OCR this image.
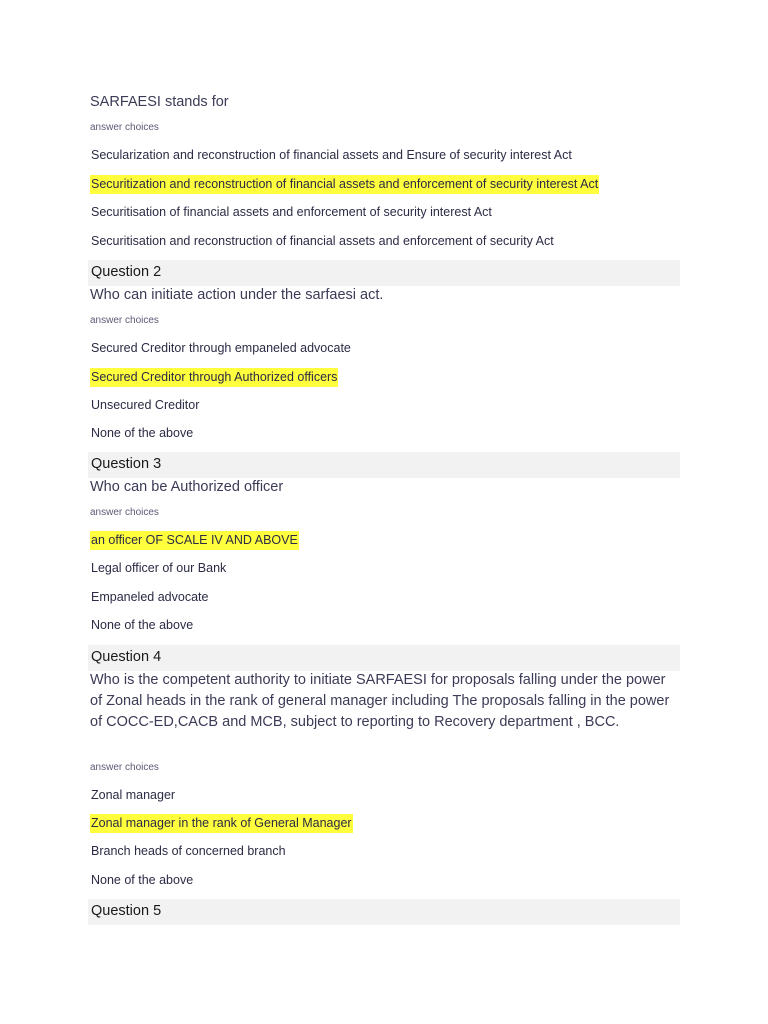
SARFAESI stands for
answer choices
Secularization and reconstruction of financial assets and Ensure of security interest Act
Securitization and reconstruction of financial assets and enforcement of security interest Act
Securitisation of financial assets and enforcement of security interest Act
Securitisation and reconstruction of financial assets and enforcement of security Act
Question 2
Who can initiate action under the sarfaesi act.
answer choices
Secured Creditor through empaneled advocate
Secured Creditor through Authorized officers
Unsecured Creditor
None of the above
Question 3
Who can be Authorized officer
answer choices
an officer OF SCALE IV AND ABOVE
Legal officer of our Bank
Empaneled advocate
None of the above
Question 4
Who is the competent authority to initiate SARFAESI for proposals falling under the power of Zonal heads in the rank of general manager including The proposals falling in the power of COCC-ED,CACB and MCB, subject to reporting to Recovery department , BCC.
answer choices
Zonal manager
Zonal manager in the rank of General Manager
Branch heads of concerned branch
None of the above
Question 5
